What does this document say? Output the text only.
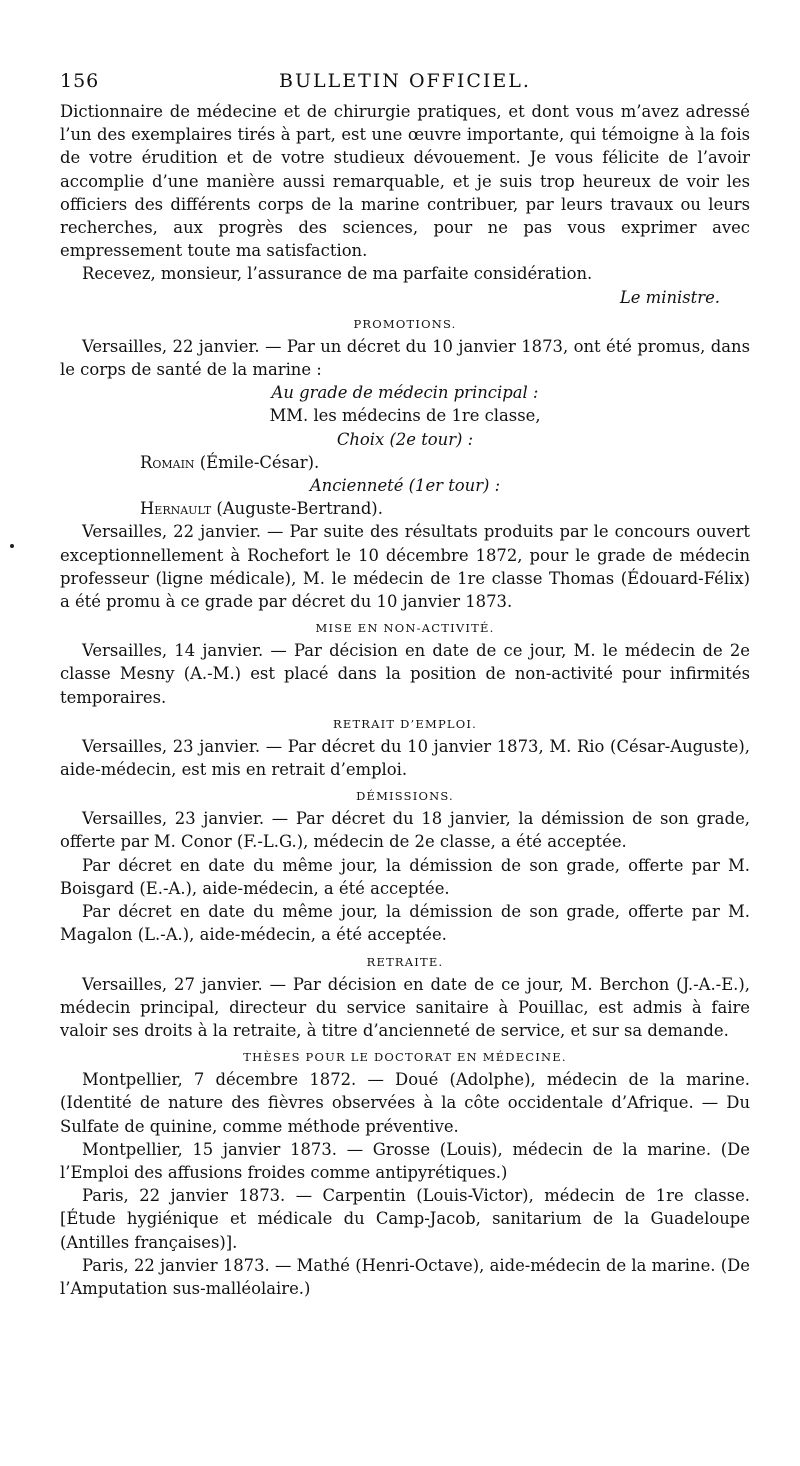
156	BULLETIN OFFICIEL.

Dictionnaire de médecine et de chirurgie pratiques, et dont vous m’avez adressé l’un des exemplaires tirés à part, est une œuvre importante, qui témoigne à la fois de votre érudition et de votre studieux dévouement. Je vous félicite de l’avoir accomplie d’une manière aussi remarquable, et je suis trop heureux de voir les officiers des différents corps de la marine contribuer, par leurs travaux ou leurs recherches, aux progrès des sciences, pour ne pas vous exprimer avec empressement toute ma satisfaction.

Recevez, monsieur, l’assurance de ma parfaite considération.

Le ministre.

PROMOTIONS.

Versailles, 22 janvier. — Par un décret du 10 janvier 1873, ont été promus, dans le corps de santé de la marine :

Au grade de médecin principal :

MM. les médecins de 1re classe,

Choix (2e tour) :

Romain (Émile-César).

Ancienneté (1er tour) :

Hernault (Auguste-Bertrand).

Versailles, 22 janvier. — Par suite des résultats produits par le concours ouvert exceptionnellement à Rochefort le 10 décembre 1872, pour le grade de médecin professeur (ligne médicale), M. le médecin de 1re classe Thomas (Édouard-Félix) a été promu à ce grade par décret du 10 janvier 1873.

MISE EN NON-ACTIVITÉ.

Versailles, 14 janvier. — Par décision en date de ce jour, M. le médecin de 2e classe Mesny (A.-M.) est placé dans la position de non-activité pour infirmités temporaires.

RETRAIT D’EMPLOI.

Versailles, 23 janvier. — Par décret du 10 janvier 1873, M. Rio (César-Auguste), aide-médecin, est mis en retrait d’emploi.

DÉMISSIONS.

Versailles, 23 janvier. — Par décret du 18 janvier, la démission de son grade, offerte par M. Conor (F.-L.G.), médecin de 2e classe, a été acceptée.

Par décret en date du même jour, la démission de son grade, offerte par M. Boisgard (E.-A.), aide-médecin, a été acceptée.

Par décret en date du même jour, la démission de son grade, offerte par M. Magalon (L.-A.), aide-médecin, a été acceptée.

RETRAITE.

Versailles, 27 janvier. — Par décision en date de ce jour, M. Berchon (J.-A.-E.), médecin principal, directeur du service sanitaire à Pouillac, est admis à faire valoir ses droits à la retraite, à titre d’ancienneté de service, et sur sa demande.

THÈSES POUR LE DOCTORAT EN MÉDECINE.

Montpellier, 7 décembre 1872. — Doué (Adolphe), médecin de la marine. (Identité de nature des fièvres observées à la côte occidentale d’Afrique. — Du Sulfate de quinine, comme méthode préventive.

Montpellier, 15 janvier 1873. — Grosse (Louis), médecin de la marine. (De l’Emploi des affusions froides comme antipyrétiques.)

Paris, 22 janvier 1873. — Carpentin (Louis-Victor), médecin de 1re classe. [Étude hygiénique et médicale du Camp-Jacob, sanitarium de la Guadeloupe (Antilles françaises)].

Paris, 22 janvier 1873. — Mathé (Henri-Octave), aide-médecin de la marine. (De l’Amputation sus-malléolaire.)
